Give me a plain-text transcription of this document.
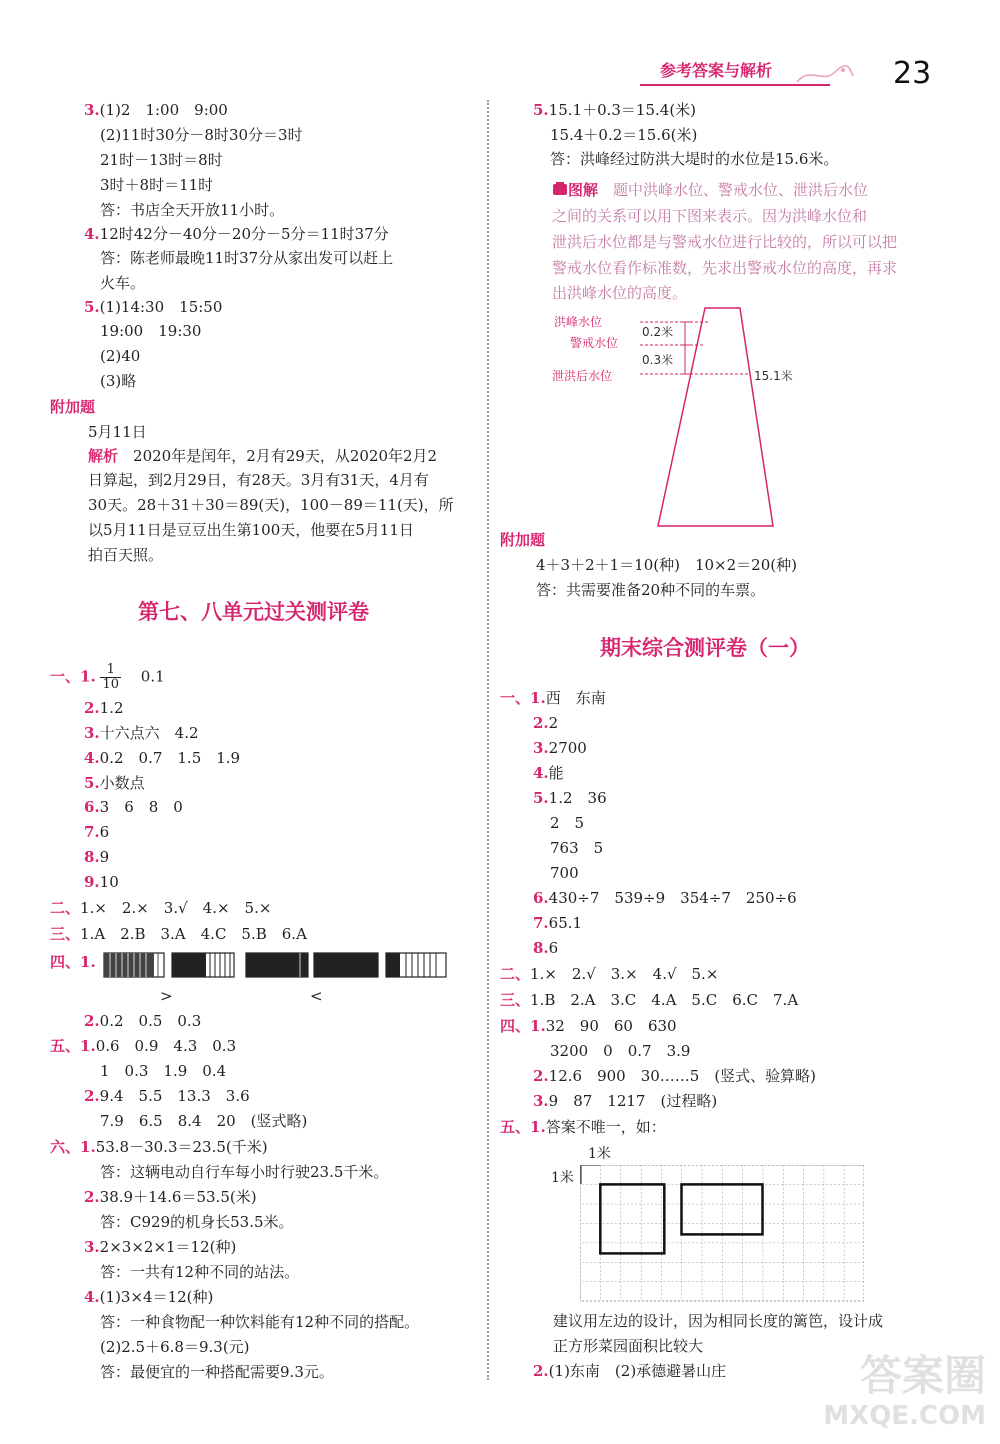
参考答案与解析	23
3.(1)2　1:00　9:00
(2)11时30分－8时30分＝3时
21时－13时＝8时
3时＋8时＝11时
答：书店全天开放11小时。
4.12时42分－40分－20分－5分＝11时37分
答：陈老师最晚11时37分从家出发可以赶上
火车。
5.(1)14:30　15:50
19:00　19:30
(2)40
(3)略
附加题
5月11日
解析　 2020年是闰年，2月有29天，从2020年2月2
日算起，到2月29日，有28天。3月有31天，4月有
30天。28＋31＋30＝89(天)，100－89＝11(天)，所
以5月11日是豆豆出生第100天，他要在5月11日
拍百天照。
第七、八单元过关测评卷
一、1. $\frac{1}{10}$
　 0.1
2.1.2
3.十六点六　4.2
4.0.2　0.7　1.5　1.9
5.小数点
6.3　6　8　0
7.6
8.9
9.10
二、1.×　2.×　3.√　4.×　5.×
三、1.A　2.B　3.A　4.C　5.B　6.A
四、1.
>	<
2.0.2　0.5　0.3
五、1.0.6　0.9　4.3　0.3
1　0.3　1.9　0.4
2.9.4　5.5　13.3　3.6
7.9　6.5　8.4　20　(竖式略)
六、1.53.8－30.3＝23.5(千米)
答：这辆电动自行车每小时行驶23.5千米。
2.38.9＋14.6＝53.5(米)
答：C929的机身长53.5米。
3.2×3×2×1＝12(种)
答：一共有12种不同的站法。
4.(1)3×4＝12(种)
答：一种食物配一种饮料能有12种不同的搭配。
(2)2.5＋6.8＝9.3(元)
答：最便宜的一种搭配需要9.3元。
5.15.1＋0.3＝15.4(米)
15.4＋0.2＝15.6(米)
答：洪峰经过防洪大堤时的水位是15.6米。
图解　 题中洪峰水位、警戒水位、泄洪后水位
之间的关系可以用下图来表示。因为洪峰水位和
泄洪后水位都是与警戒水位进行比较的，所以可以把
警戒水位看作标准数，先求出警戒水位的高度，再求
出洪峰水位的高度。
洪峰水位
警戒水位
泄洪后水位
0.2米
0.3米
15.1米
附加题
4＋3＋2＋1＝10(种)　10×2＝20(种)
答：共需要准备20种不同的车票。
期末综合测评卷（一）
一、1.西　东南
2.2
3.2700
4.能
5.1.2　36
2　5
763　5
700
6.430÷7　539÷9　354÷7　250÷6
7.65.1
8.6
二、1.×　2.√　3.×　4.√　5.×
三、1.B　2.A　3.C　4.A　5.C　6.C　7.A
四、1.32　90　60　630
3200　0　0.7　3.9
2.12.6　900　30……5　(竖式、验算略)
3.9　87　1217　(过程略)
五、1.答案不唯一，如：
1米
1米
建议用左边的设计，因为相同长度的篱笆，设计成
正方形菜园面积比较大
2.(1)东南　(2)承德避暑山庄	答案圈
MXQE.COM
